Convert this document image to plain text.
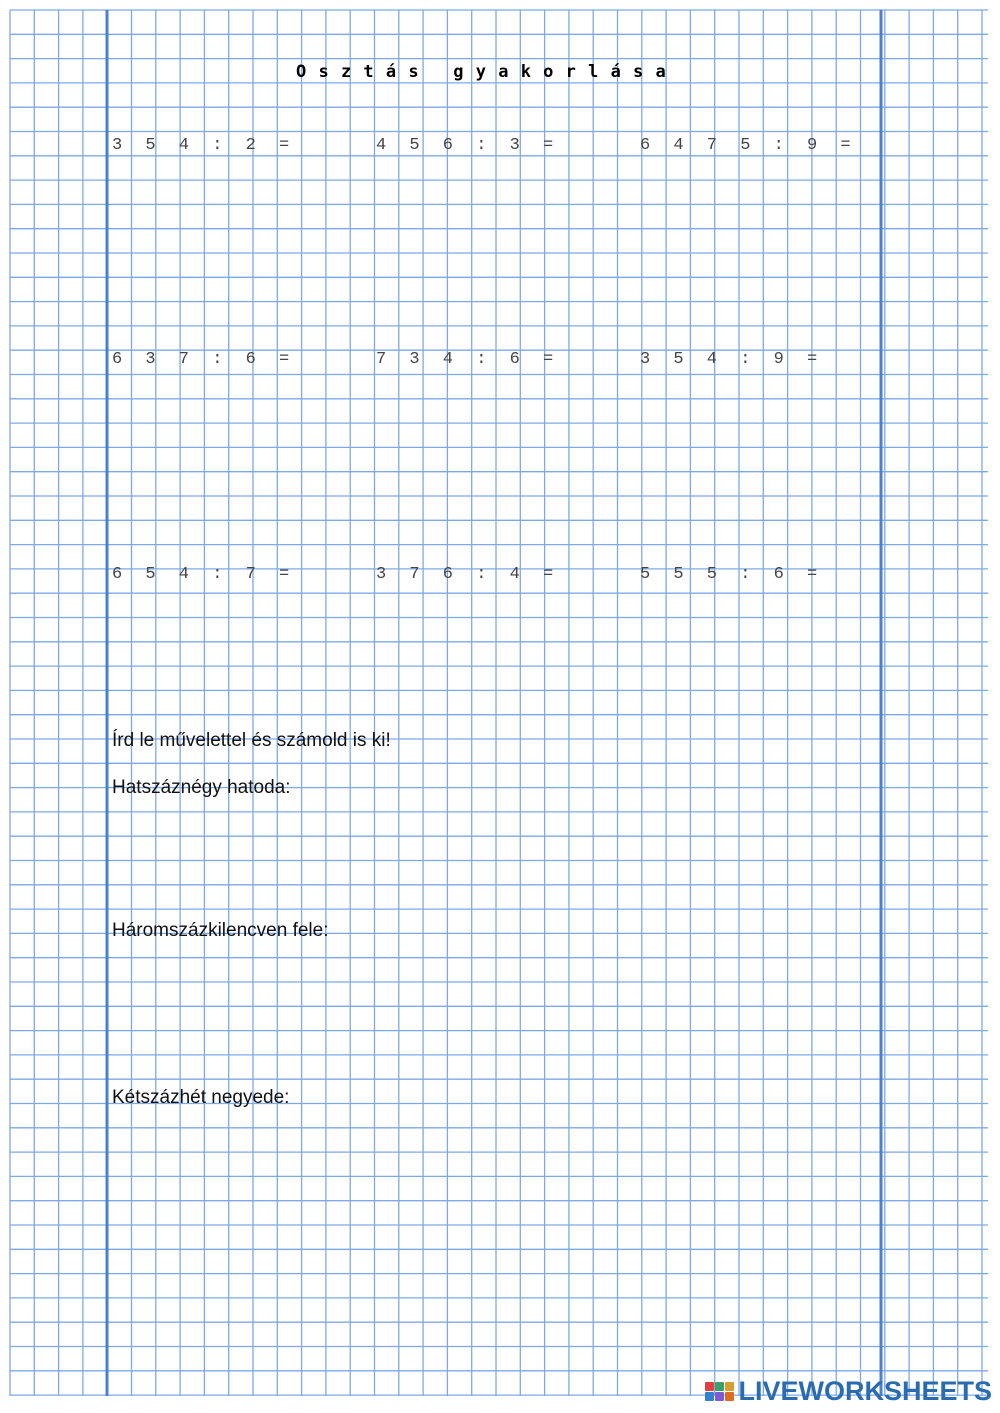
O s z t á s   g y a k o r l á s a
3 5 4 : 2 =	4 5 6 : 3 =	6 4 7 5 : 9 =
6 3 7 : 6 =	7 3 4 : 6 =	3 5 4 : 9 =
6 5 4 : 7 =	3 7 6 : 4 =	5 5 5 : 6 =
Írd le művelettel és számold is ki!
Hatszáznégy hatoda:
Háromszázkilencven fele:
Kétszázhét negyede:
LIVEWORKSHEETS
